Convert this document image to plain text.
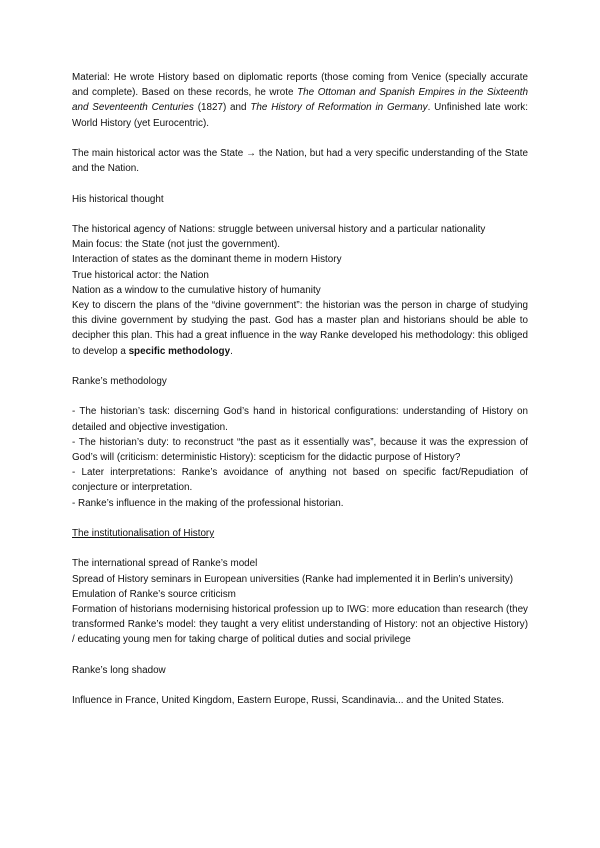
Material: He wrote History based on diplomatic reports (those coming from Venice (specially accurate and complete). Based on these records, he wrote The Ottoman and Spanish Empires in the Sixteenth and Seventeenth Centuries (1827) and The History of Reformation in Germany. Unfinished late work: World History (yet Eurocentric).

The main historical actor was the State → the Nation, but had a very specific understanding of the State and the Nation.

His historical thought

The historical agency of Nations: struggle between universal history and a particular nationality

Main focus: the State (not just the government).

Interaction of states as the dominant theme in modern History

True historical actor: the Nation

Nation as a window to the cumulative history of humanity

Key to discern the plans of the “divine government”: the historian was the person in charge of studying this divine government by studying the past. God has a master plan and historians should be able to decipher this plan. This had a great influence in the way Ranke developed his methodology: this obliged to develop a specific methodology.

Ranke’s methodology

- The historian’s task: discerning God’s hand in historical configurations: understanding of History on detailed and objective investigation.

- The historian’s duty: to reconstruct “the past as it essentially was”, because it was the expression of God’s will (criticism: deterministic History): scepticism for the didactic purpose of History?

- Later interpretations: Ranke’s avoidance of anything not based on specific fact/Repudiation of conjecture or interpretation.

- Ranke’s influence in the making of the professional historian.

The institutionalisation of History

The international spread of Ranke’s model

Spread of History seminars in European universities (Ranke had implemented it in Berlin’s university)

Emulation of Ranke’s source criticism

Formation of historians modernising historical profession up to IWG: more education than research (they transformed Ranke’s model: they taught a very elitist understanding of History: not an objective History) / educating young men for taking charge of political duties and social privilege

Ranke’s long shadow

Influence in France, United Kingdom, Eastern Europe, Russi, Scandinavia... and the United States.
